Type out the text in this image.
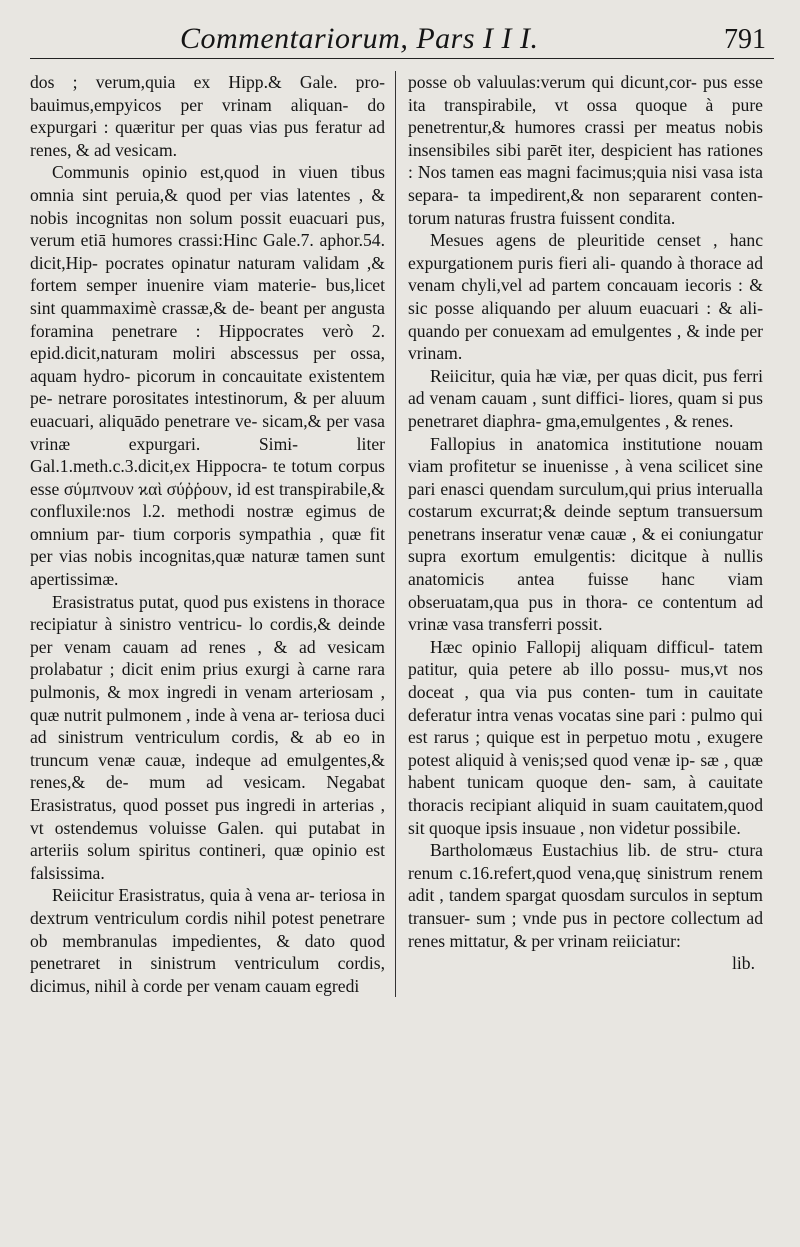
Commentariorum, Pars I I I.	791

dos ; verum,quia ex Hipp.& Gale. pro- bauimus,empyicos per vrinam aliquan- do expurgari : quæritur per quas vias pus feratur ad renes, & ad vesicam.

Communis opinio est,quod in viuen tibus omnia sint peruia,& quod per vias latentes , & nobis incognitas non solum possit euacuari pus, verum etiā humores crassi:Hinc Gale.7. aphor.54. dicit,Hip- pocrates opinatur naturam validam ,& fortem semper inuenire viam materie- bus,licet sint quammaximè crassæ,& de- beant per angusta foramina penetrare : Hippocrates verò 2. epid.dicit,naturam moliri abscessus per ossa, aquam hydro- picorum in concauitate existentem pe- netrare porositates intestinorum, & per aluum euacuari, aliquādo penetrare ve- sicam,& per vasa vrinæ expurgari. Simi- liter Gal.1.meth.c.3.dicit,ex Hippocra- te totum corpus esse σύμπνουν ϰαὶ σύῤῥουν, id est transpirabile,& confluxile:nos l.2. methodi nostræ egimus de omnium par- tium corporis sympathia , quæ fit per vias nobis incognitas,quæ naturæ tamen sunt apertissimæ.

Erasistratus putat, quod pus existens in thorace recipiatur à sinistro ventricu- lo cordis,& deinde per venam cauam ad renes , & ad vesicam prolabatur ; dicit enim prius exurgi à carne rara pulmonis, & mox ingredi in venam arteriosam , quæ nutrit pulmonem , inde à vena ar- teriosa duci ad sinistrum ventriculum cordis, & ab eo in truncum venæ cauæ, indeque ad emulgentes,& renes,& de- mum ad vesicam. Negabat Erasistratus, quod posset pus ingredi in arterias , vt ostendemus voluisse Galen. qui putabat in arteriis solum spiritus contineri, quæ opinio est falsissima.

Reiicitur Erasistratus, quia à vena ar- teriosa in dextrum ventriculum cordis nihil potest penetrare ob membranulas impedientes, & dato quod penetraret in sinistrum ventriculum cordis, dicimus, nihil à corde per venam cauam egredi

posse ob valuulas:verum qui dicunt,cor- pus esse ita transpirabile, vt ossa quoque à pure penetrentur,& humores crassi per meatus nobis insensibiles sibi parēt iter, despicient has rationes : Nos tamen eas magni facimus;quia nisi vasa ista separa- ta impedirent,& non separarent conten- torum naturas frustra fuissent condita.

Mesues agens de pleuritide censet , hanc expurgationem puris fieri ali- quando à thorace ad venam chyli,vel ad partem concauam iecoris : & sic posse aliquando per aluum euacuari : & ali- quando per conuexam ad emulgentes , & inde per vrinam.

Reiicitur, quia hæ viæ, per quas dicit, pus ferri ad venam cauam , sunt diffici- liores, quam si pus penetraret diaphra- gma,emulgentes , & renes.

Fallopius in anatomica institutione nouam viam profitetur se inuenisse , à vena scilicet sine pari enasci quendam surculum,qui prius interualla costarum excurrat;& deinde septum transuersum penetrans inseratur venæ cauæ , & ei coniungatur supra exortum emulgentis: dicitque à nullis anatomicis antea fuisse hanc viam obseruatam,qua pus in thora- ce contentum ad vrinæ vasa transferri possit.

Hæc opinio Fallopij aliquam difficul- tatem patitur, quia petere ab illo possu- mus,vt nos doceat , qua via pus conten- tum in cauitate deferatur intra venas vocatas sine pari : pulmo qui est rarus ; quique est in perpetuo motu , exugere potest aliquid à venis;sed quod venæ ip- sæ , quæ habent tunicam quoque den- sam, à cauitate thoracis recipiant aliquid in suam cauitatem,quod sit quoque ipsis insuaue , non videtur possibile.

Bartholomæus Eustachius lib. de stru- ctura renum c.16.refert,quod vena,quę sinistrum renem adit , tandem spargat quosdam surculos in septum transuer- sum ; vnde pus in pectore collectum ad renes mittatur, & per vrinam reiiciatur:

lib.
